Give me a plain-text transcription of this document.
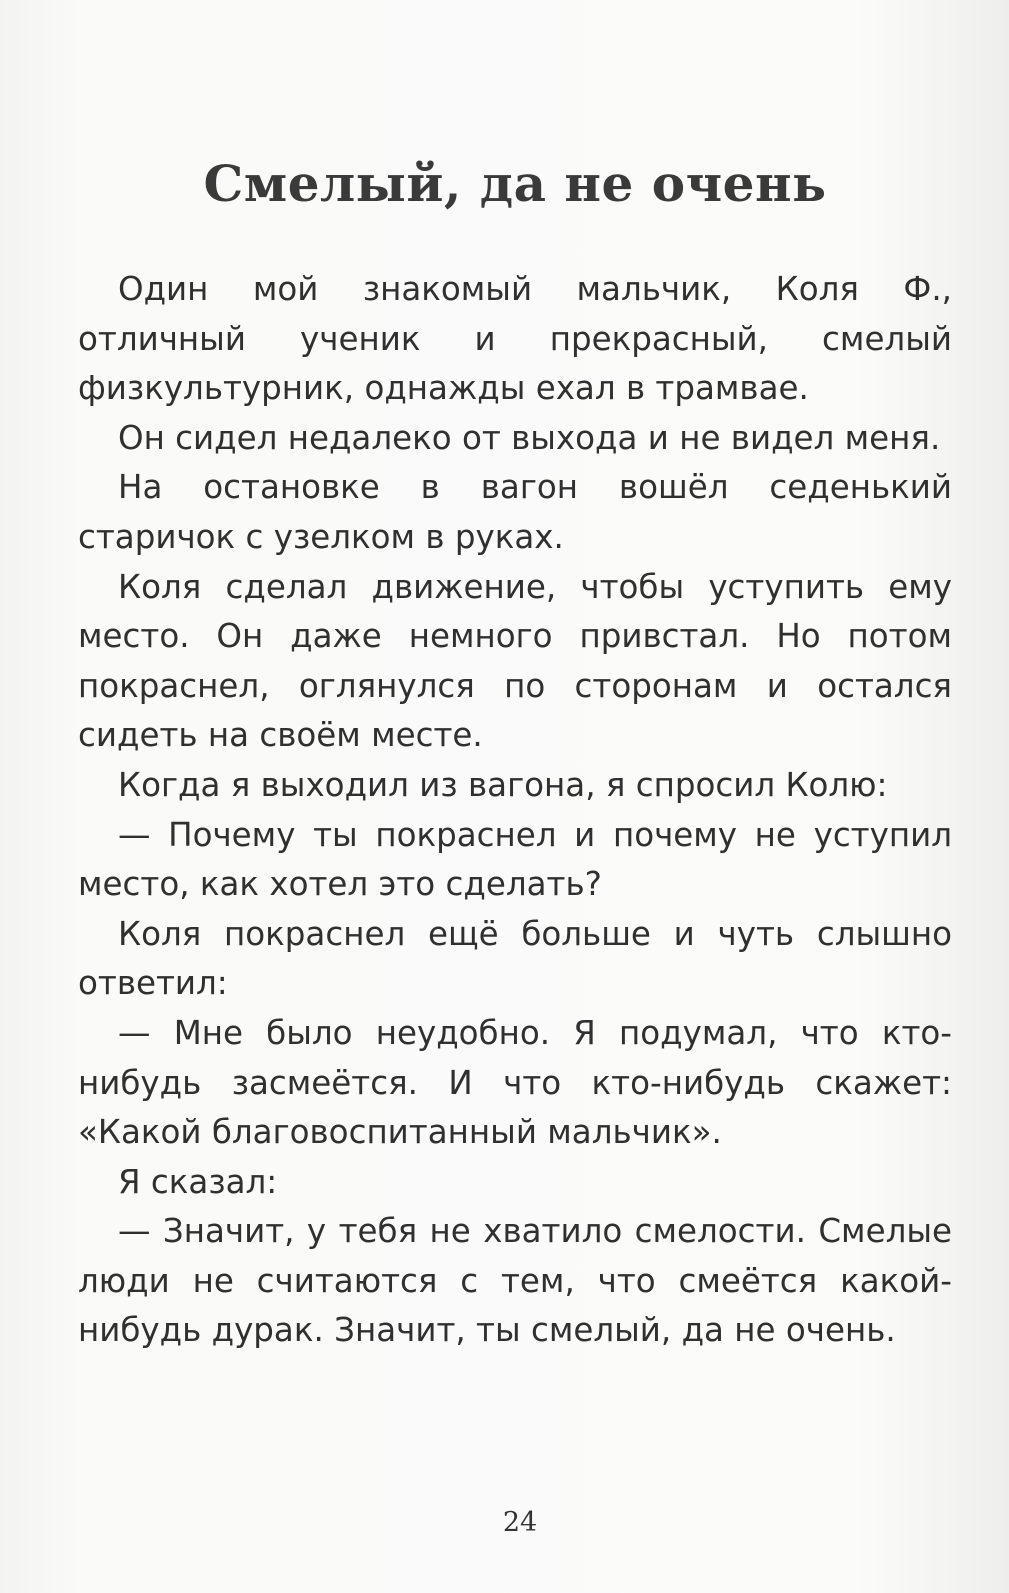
Смелый, да не очень

Один мой знакомый мальчик, Коля Ф., отличный ученик и прекрасный, смелый физкультурник, однажды ехал в трамвае.

Он сидел недалеко от выхода и не видел меня.

На остановке в вагон вошёл седенький старичок с узелком в руках.

Коля сделал движение, чтобы уступить ему место. Он даже немного привстал. Но потом покраснел, оглянулся по сторонам и остался сидеть на своём месте.

Когда я выходил из вагона, я спросил Колю:

— Почему ты покраснел и почему не уступил место, как хотел это сделать?

Коля покраснел ещё больше и чуть слышно ответил:

— Мне было неудобно. Я подумал, что кто-нибудь засмеётся. И что кто-нибудь скажет: «Какой благовоспитанный мальчик».

Я сказал:

— Значит, у тебя не хватило смелости. Смелые люди не считаются с тем, что смеётся какой-нибудь дурак. Значит, ты смелый, да не очень.

24
